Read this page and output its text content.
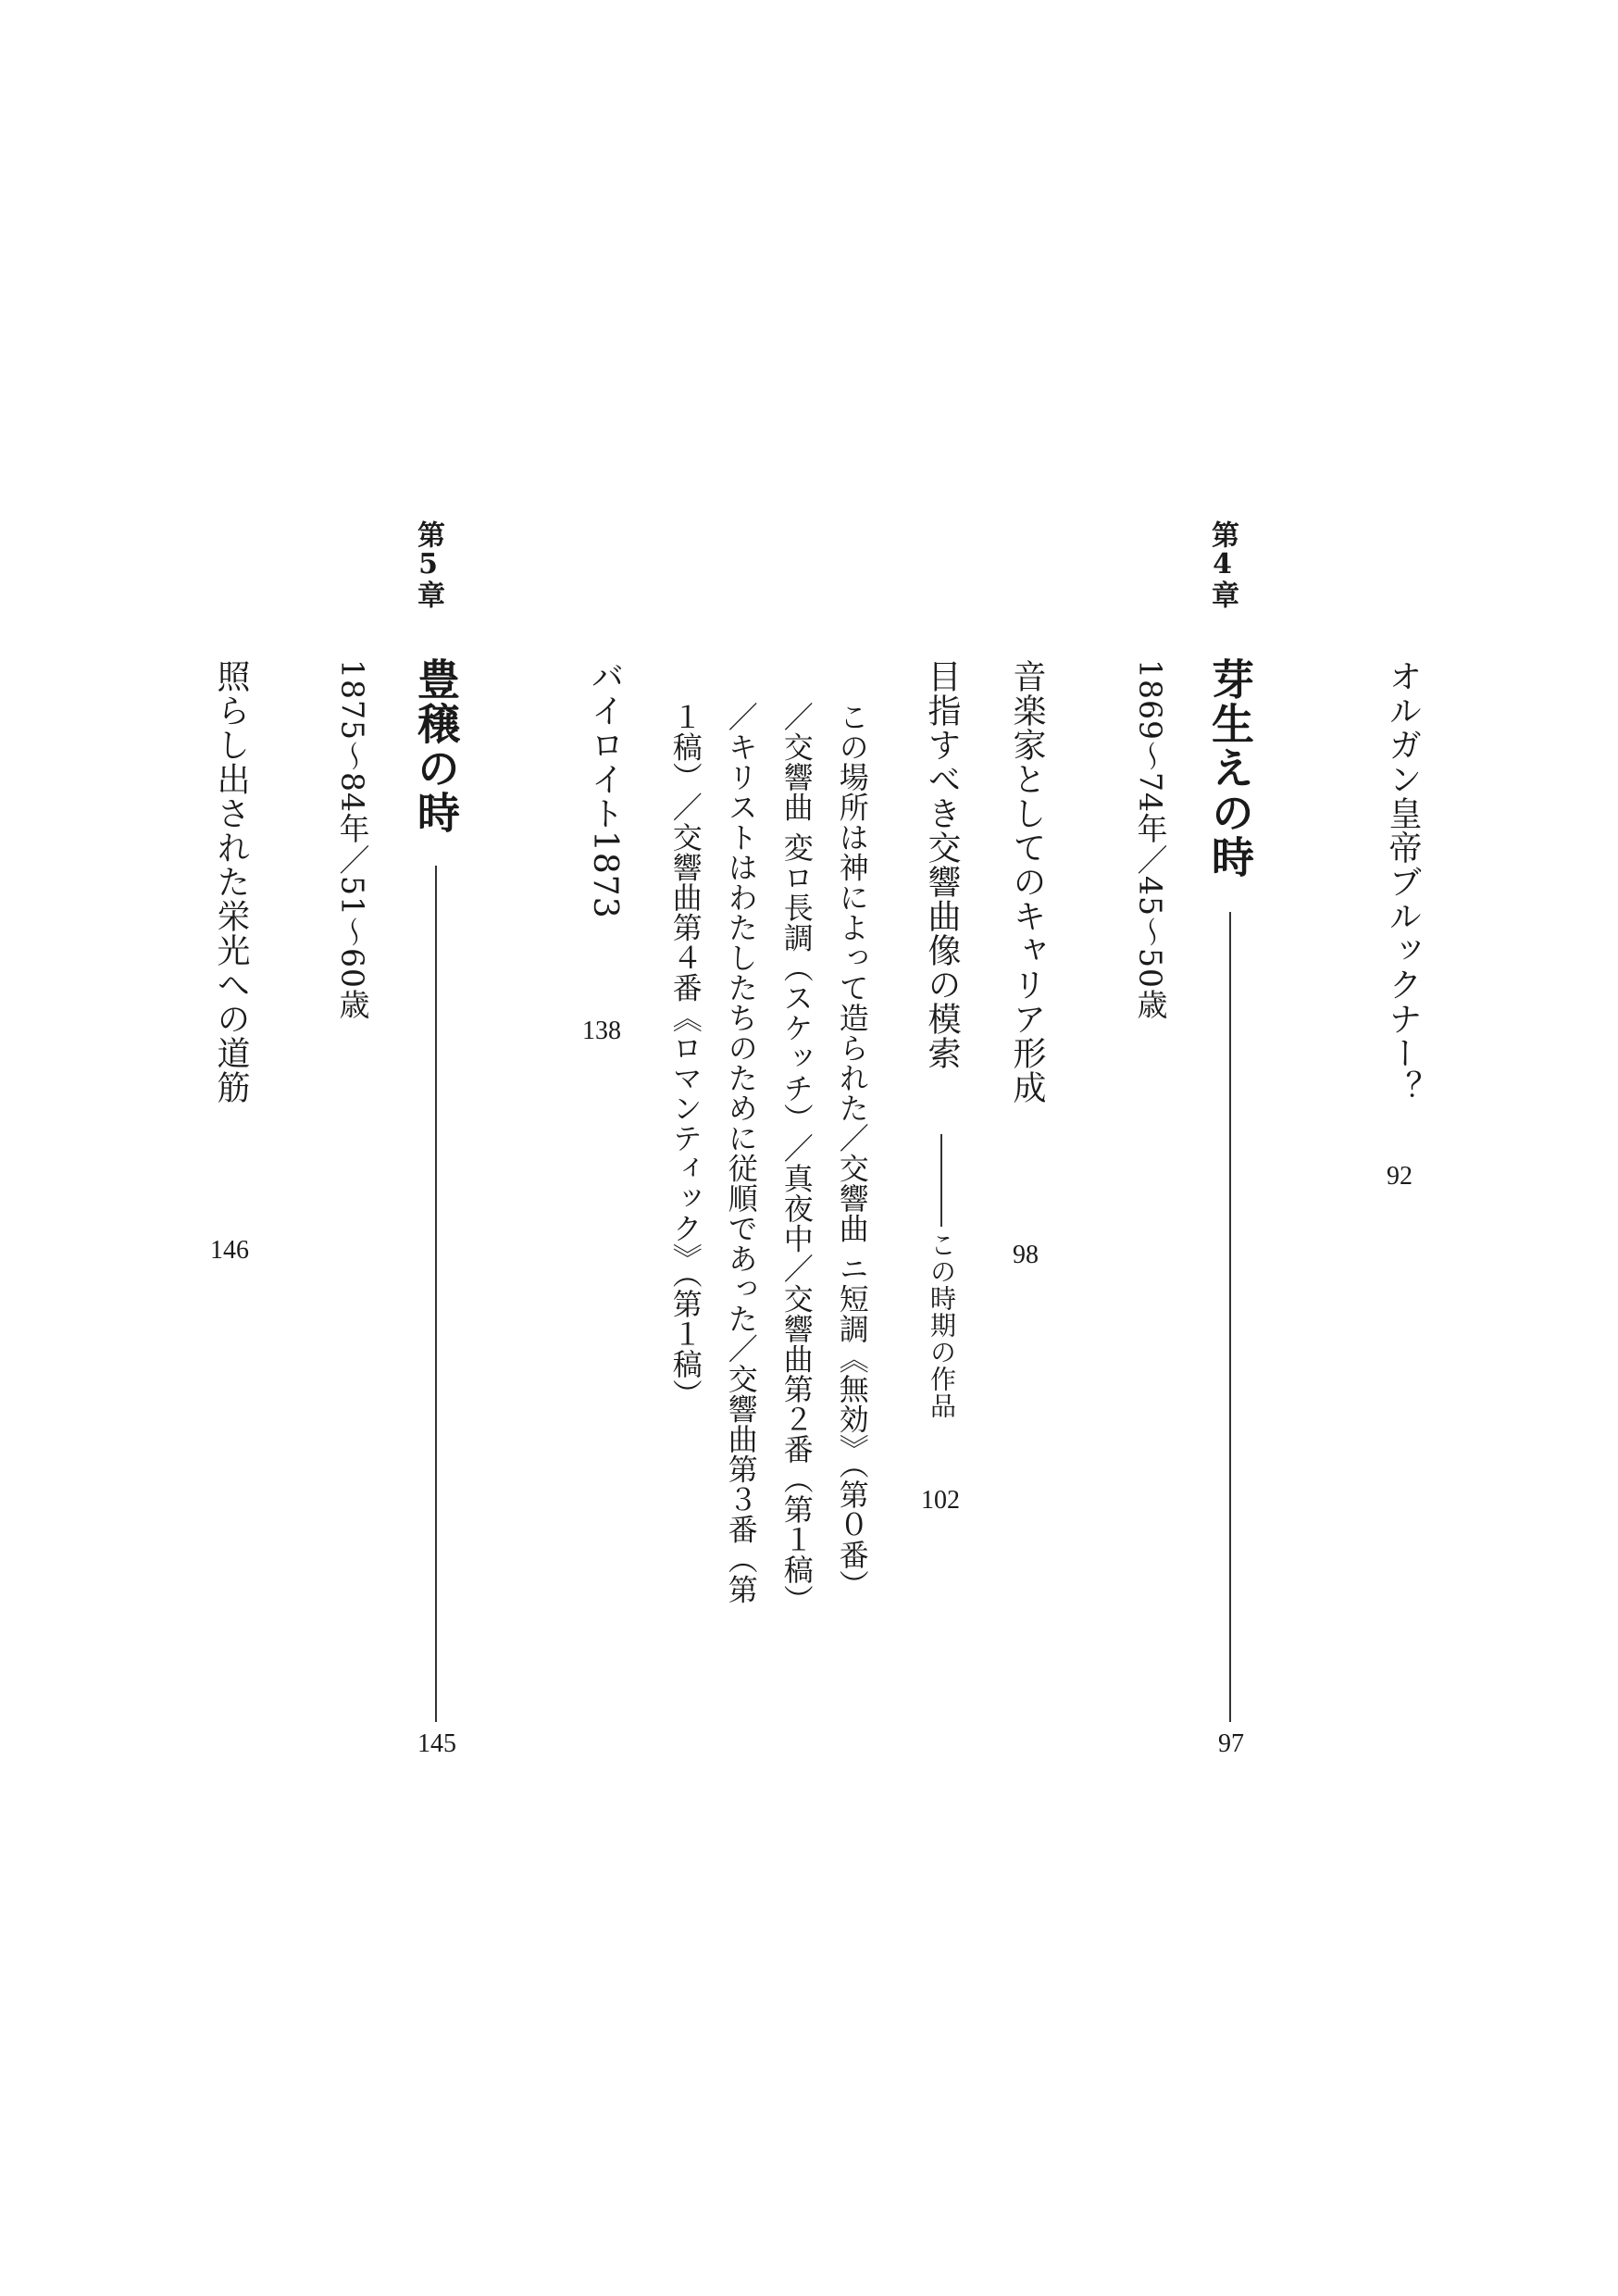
オルガン皇帝ブルックナー？
92
第4章
芽生えの時
97
1869〜74年／45〜50歳
音楽家としてのキャリア形成
98
目指すべき交響曲像の模索
この時期の作品
102
この場所は神によって造られた／交響曲 ニ短調《無効》（第０番）
／交響曲 変ロ長調（スケッチ）／真夜中／交響曲第２番（第１稿）
／キリストはわたしたちのために従順であった／交響曲第３番（第
１稿）／交響曲第４番《ロマンティック》（第１稿）
バイロイト1873
138
第5章
豊穣の時
145
1875〜84年／51〜60歳
照らし出された栄光への道筋
146
